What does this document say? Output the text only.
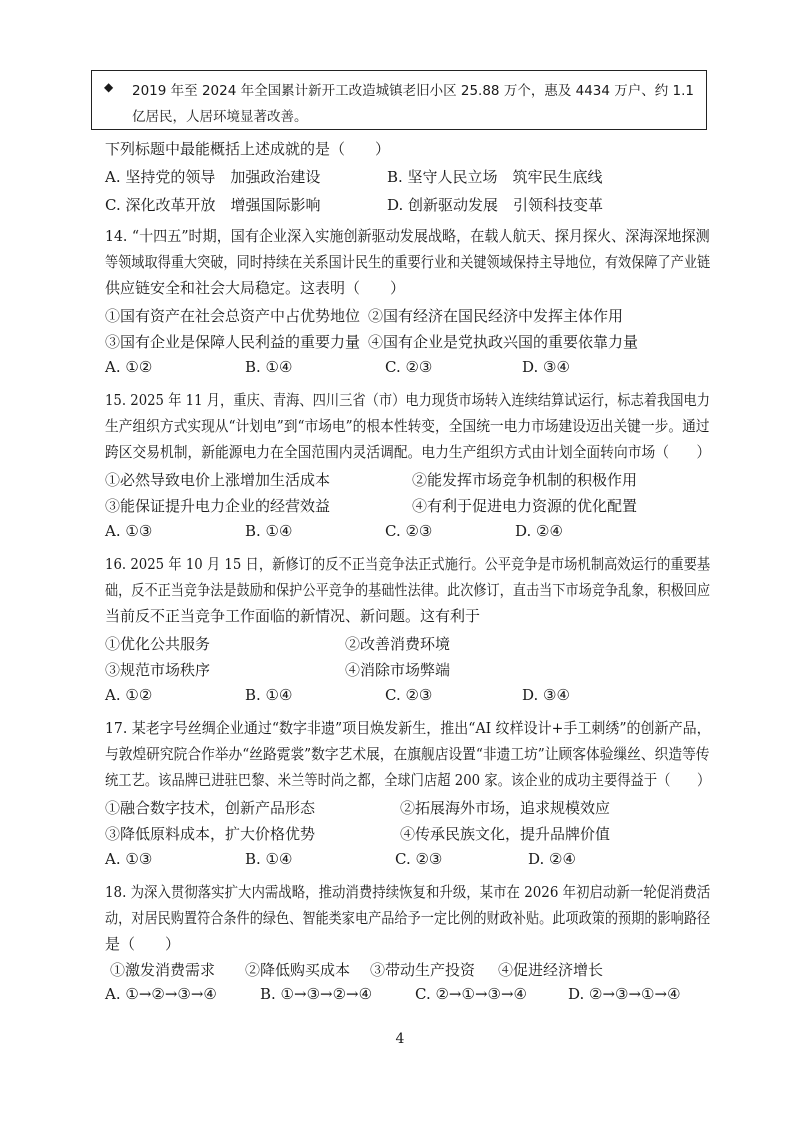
◆ 2019 年至 2024 年全国累计新开工改造城镇老旧小区 25.88 万个，惠及 4434 万户、约 1.1
亿居民，人居环境显著改善。
下列标题中最能概括上述成就的是（　　）
A. 坚持党的领导　加强政治建设	B. 坚守人民立场　筑牢民生底线
C. 深化改革开放　增强国际影响	D. 创新驱动发展　引领科技变革
14. “十四五”时期，国有企业深入实施创新驱动发展战略，在载人航天、探月探火、深海深地探测
等领域取得重大突破，同时持续在关系国计民生的重要行业和关键领域保持主导地位，有效保障了产业链
供应链安全和社会大局稳定。这表明（　　）
①国有资产在社会总资产中占优势地位 ②国有经济在国民经济中发挥主体作用
③国有企业是保障人民利益的重要力量 ④国有企业是党执政兴国的重要依靠力量
A. ①②	B. ①④	C. ②③	D. ③④
15. 2025 年 11 月，重庆、青海、四川三省（市）电力现货市场转入连续结算试运行，标志着我国电力
生产组织方式实现从“计划电”到“市场电”的根本性转变，全国统一电力市场建设迈出关键一步。通过
跨区交易机制，新能源电力在全国范围内灵活调配。电力生产组织方式由计划全面转向市场（　　）
①必然导致电价上涨增加生活成本	②能发挥市场竞争机制的积极作用
③能保证提升电力企业的经营效益	④有利于促进电力资源的优化配置
A. ①③	B. ①④	C. ②③	D. ②④
16. 2025 年 10 月 15 日，新修订的反不正当竞争法正式施行。公平竞争是市场机制高效运行的重要基
础，反不正当竞争法是鼓励和保护公平竞争的基础性法律。此次修订，直击当下市场竞争乱象，积极回应
当前反不正当竞争工作面临的新情况、新问题。这有利于
①优化公共服务	②改善消费环境
③规范市场秩序	④消除市场弊端
A. ①②	B. ①④	C. ②③	D. ③④
17. 某老字号丝绸企业通过“数字非遗”项目焕发新生，推出“AI 纹样设计+手工刺绣”的创新产品，
与敦煌研究院合作举办“丝路霓裳”数字艺术展，在旗舰店设置“非遗工坊”让顾客体验缫丝、织造等传
统工艺。该品牌已进驻巴黎、米兰等时尚之都，全球门店超 200 家。该企业的成功主要得益于（　　）
①融合数字技术，创新产品形态	②拓展海外市场，追求规模效应
③降低原料成本，扩大价格优势	④传承民族文化，提升品牌价值
A. ①③	B. ①④	C. ②③	D. ②④
18. 为深入贯彻落实扩大内需战略，推动消费持续恢复和升级，某市在 2026 年初启动新一轮促消费活
动，对居民购置符合条件的绿色、智能类家电产品给予一定比例的财政补贴。此项政策的预期的影响路径
是（　　）
①激发消费需求 ②降低购买成本 ③带动生产投资 ④促进经济增长
A. ①→②→③→④	B. ①→③→②→④	C. ②→①→③→④	D. ②→③→①→④
4
